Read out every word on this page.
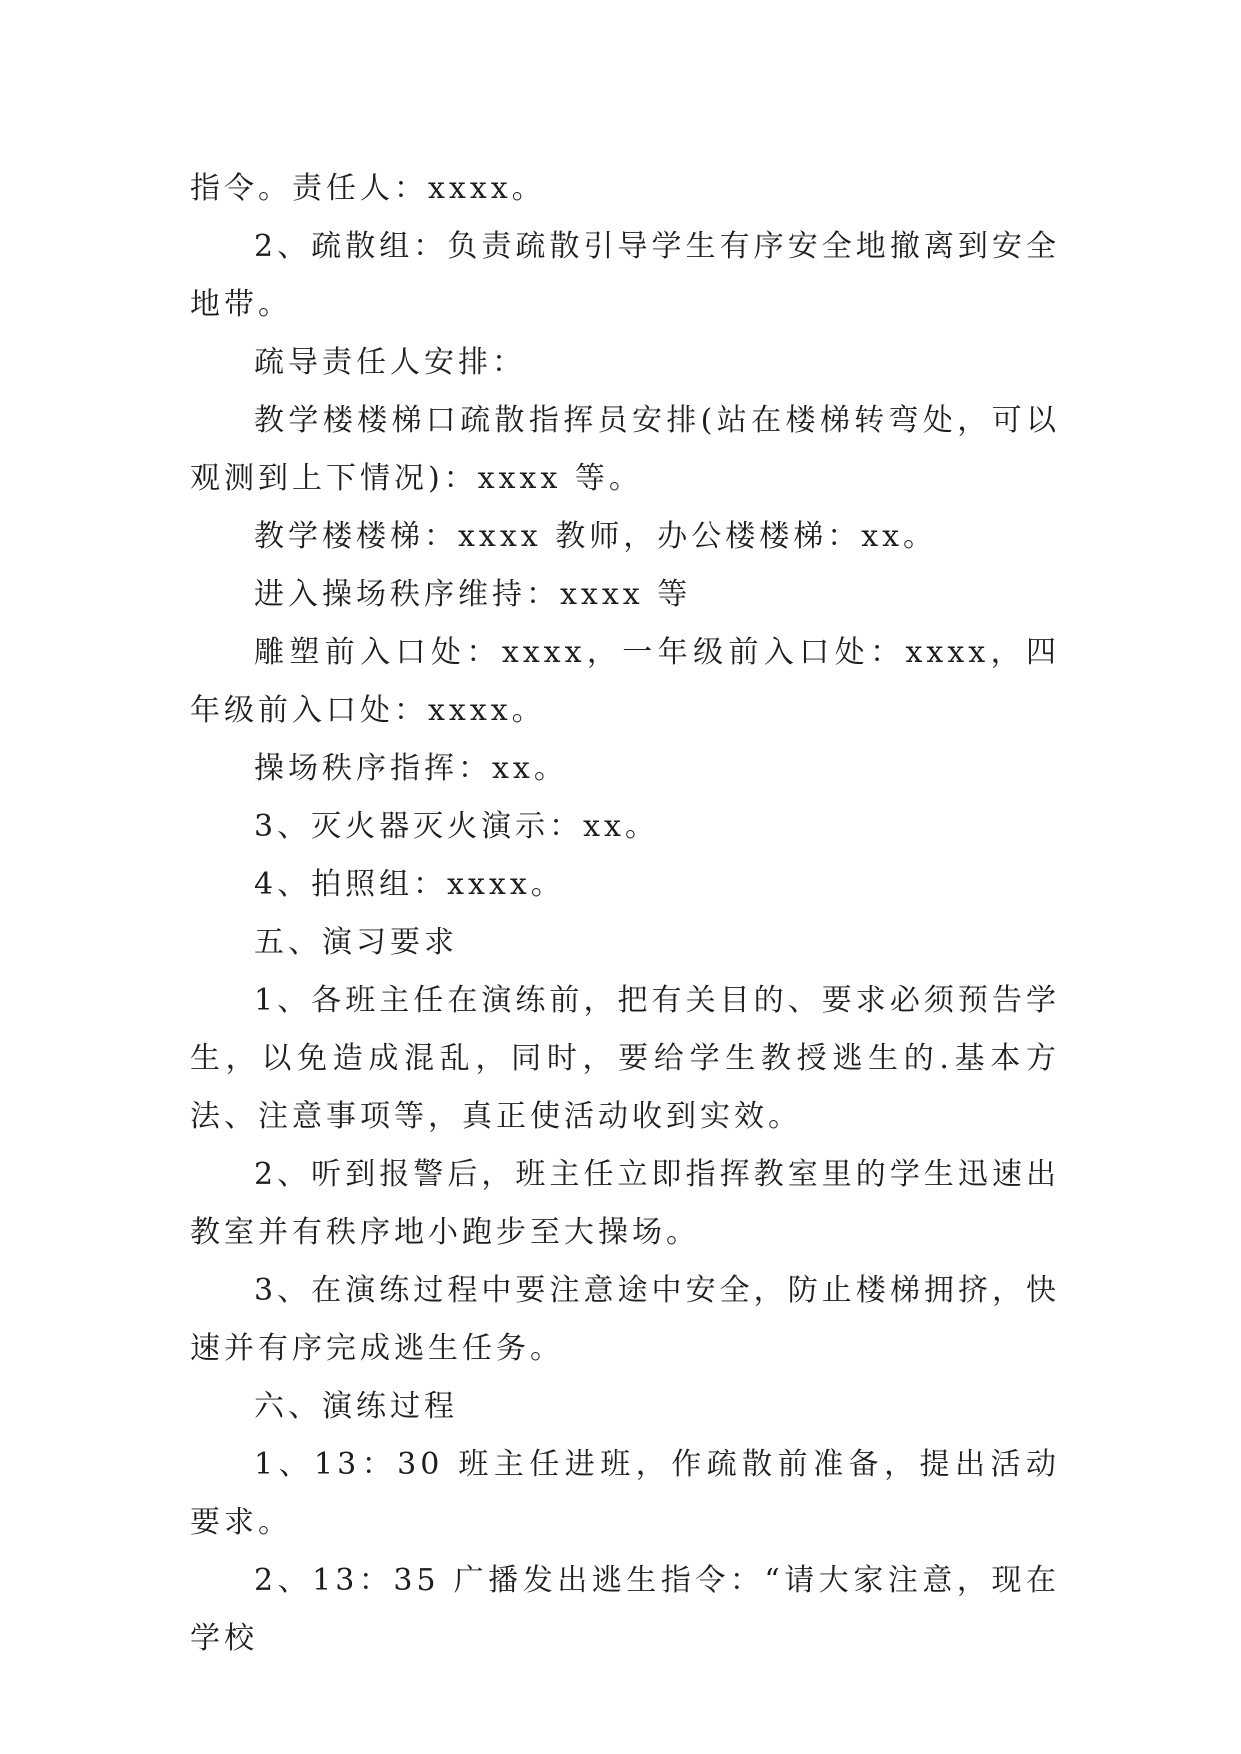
指令。责任人：xxxx。

2、疏散组：负责疏散引导学生有序安全地撤离到安全地带。

疏导责任人安排：

教学楼楼梯口疏散指挥员安排(站在楼梯转弯处，可以观测到上下情况)：xxxx 等。

教学楼楼梯：xxxx 教师，办公楼楼梯：xx。

进入操场秩序维持：xxxx 等

雕塑前入口处：xxxx，一年级前入口处：xxxx，四年级前入口处：xxxx。

操场秩序指挥：xx。

3、灭火器灭火演示：xx。

4、拍照组：xxxx。

五、演习要求

1、各班主任在演练前，把有关目的、要求必须预告学生，以免造成混乱，同时，要给学生教授逃生的.基本方法、注意事项等，真正使活动收到实效。

2、听到报警后，班主任立即指挥教室里的学生迅速出教室并有秩序地小跑步至大操场。

3、在演练过程中要注意途中安全，防止楼梯拥挤，快速并有序完成逃生任务。

六、演练过程

1、13：30 班主任进班，作疏散前准备，提出活动要求。

2、13：35 广播发出逃生指令：“请大家注意，现在学校
